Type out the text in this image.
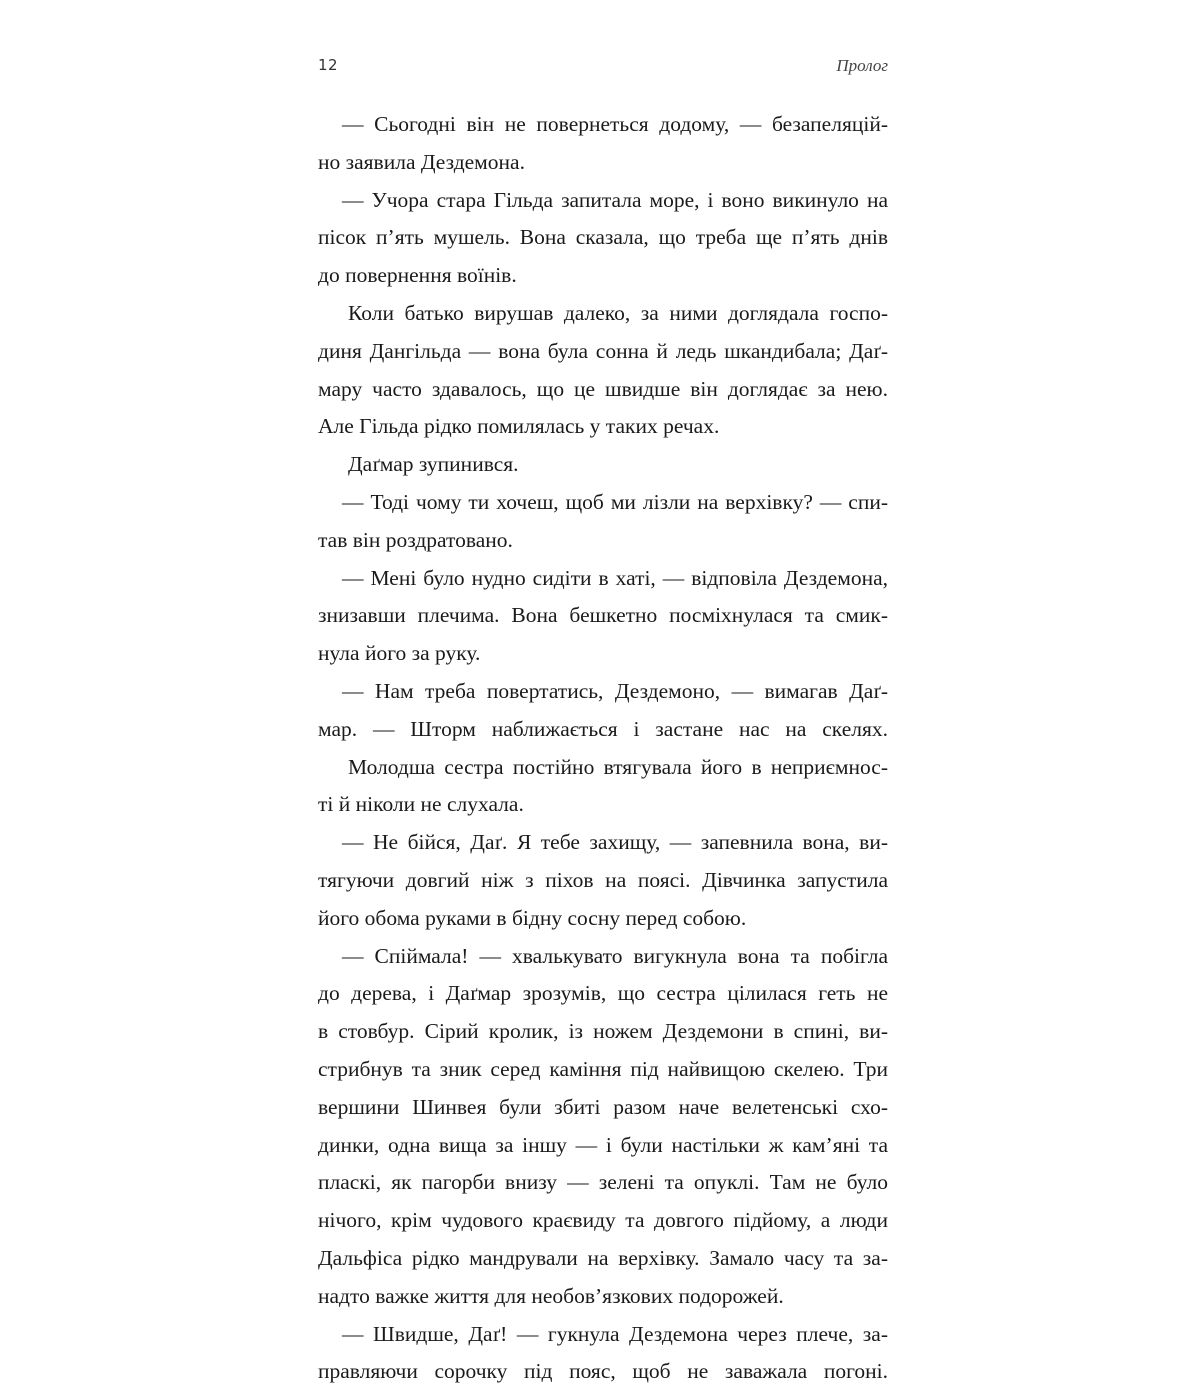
12	Пролог
— Сьогодні він не повернеться додому, — безапеляцій-
но заявила Дездемона.
— Учора стара Гільда запитала море, і воно викинуло на
пісок п’ять мушель. Вона сказала, що треба ще п’ять днів
до повернення воїнів.
Коли батько вирушав далеко, за ними доглядала госпо-
диня Дангільда — вона була сонна й ледь шкандибала; Даґ-
мару часто здавалось, що це швидше він доглядає за нею.
Але Гільда рідко помилялась у таких речах.
Даґмар зупинився.
— Тоді чому ти хочеш, щоб ми лізли на верхівку? — спи-
тав він роздратовано.
— Мені було нудно сидіти в хаті, — відповіла Дездемона,
знизавши плечима. Вона бешкетно посміхнулася та смик-
нула його за руку.
— Нам треба повертатись, Дездемоно, — вимагав Даґ-
мар. — Шторм наближається і застане нас на скелях.
Молодша сестра постійно втягувала його в неприємнос-
ті й ніколи не слухала.
— Не бійся, Даґ. Я тебе захищу, — запевнила вона, ви-
тягуючи довгий ніж з піхов на поясі. Дівчинка запустила
його обома руками в бідну сосну перед собою.
— Спіймала! — хвалькувато вигукнула вона та побігла
до дерева, і Даґмар зрозумів, що сестра цілилася геть не
в стовбур. Сірий кролик, із ножем Дездемони в спині, ви-
стрибнув та зник серед каміння під найвищою скелею. Три
вершини Шинвея були збиті разом наче велетенські схо-
динки, одна вища за іншу — і були настільки ж кам’яні та
пласкі, як пагорби внизу — зелені та опуклі. Там не було
нічого, крім чудового краєвиду та довгого підйому, а люди
Дальфіса рідко мандрували на верхівку. Замало часу та за-
надто важке життя для необов’язкових подорожей.
— Швидше, Даґ! — гукнула Дездемона через плече, за-
правляючи сорочку під пояс, щоб не заважала погоні.
